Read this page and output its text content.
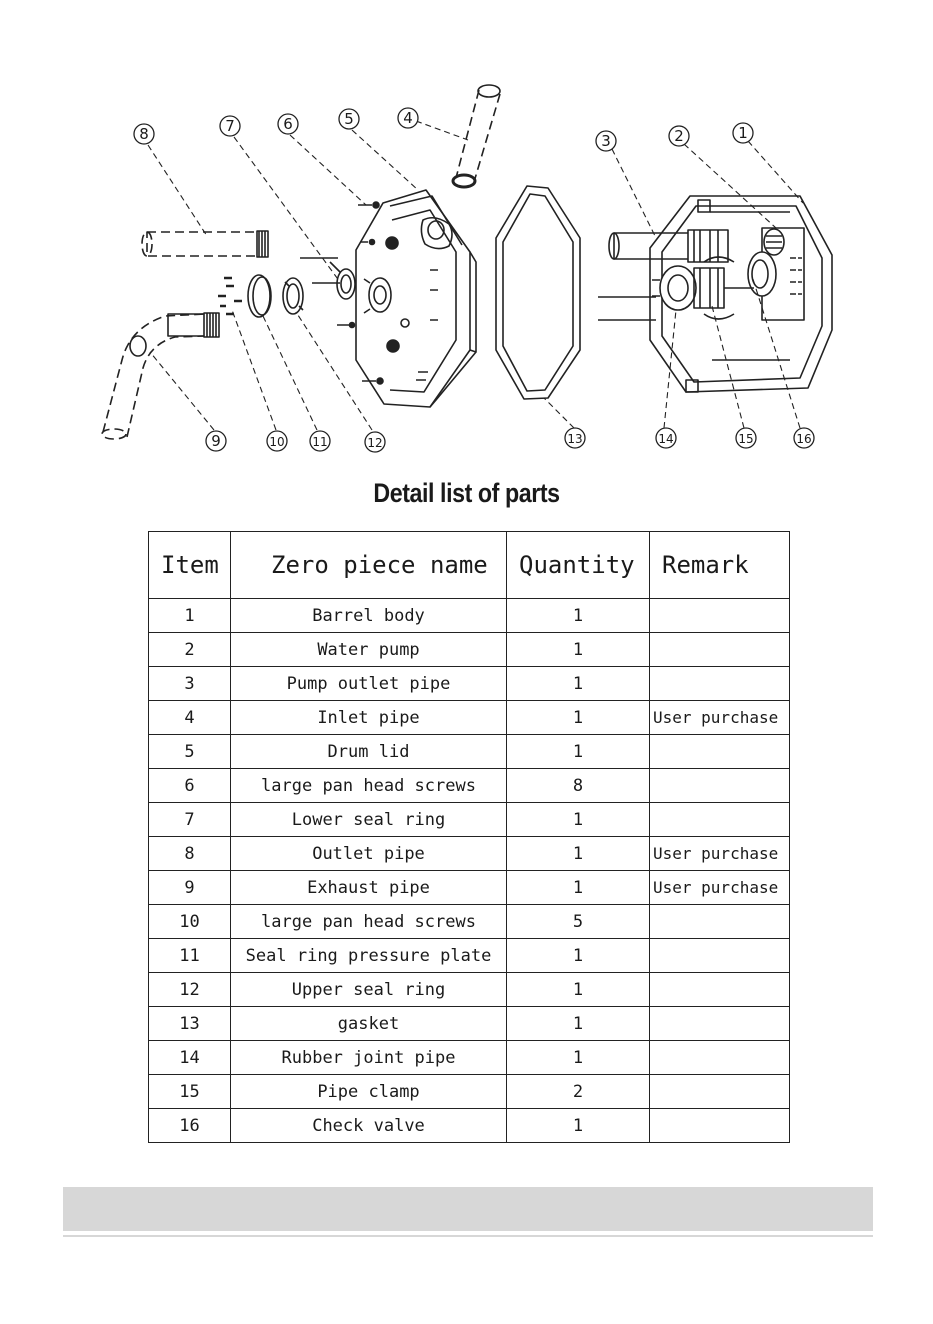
1
2
3
4
5
6
7
8
9	10 11	12	13	14	15	16
Detail list of parts
Item	Zero piece name	Quantity	Remark
1	Barrel body	1	
2	Water pump	1	
3	Pump outlet pipe	1	
4	Inlet pipe	1	User purchase
5	Drum lid	1	
6	large pan head screws	8	
7	Lower seal ring	1	
8	Outlet pipe	1	User purchase
9	Exhaust pipe	1	User purchase
10	large pan head screws	5	
11	Seal ring pressure plate	1	
12	Upper seal ring	1	
13	gasket	1	
14	Rubber joint pipe	1	
15	Pipe clamp	2	
16	Check valve	1	
